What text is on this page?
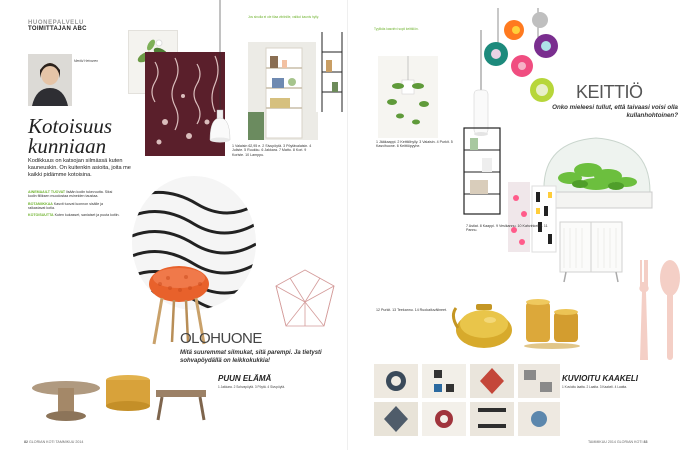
HUONEPALVELU
TOIMITTAJAN ABC
Merkki Heinonen
Kotoisuus
kunniaan
Kodikkuus on katsojan silmässä kuten kauneuskin. On kuitenkin asioita, joita me kaikki pidämme kotoisina.

AINEMAAILT TUOVAT lisään kodin tukevuutta. Siksi kodin fiiliksen muodostaa esineiden taustaa.

BOTANIIKKAA Kasvit tuovat luonnon sisälle ja raikastavat kotia.

KOTOISUUTTA Kuten kukasset, saniaiset ja puuta kotiin.

Jos sinulla ei ole tilaa vitriinille, valikoi kaunis hylly.
1 Valaisin 62,95 e. 2 Sivupöytä. 3 Pöytävalaisin. 4 Juliste. 5 Ruukku. 6 Jakkara. 7 Matto. 8 Kori. 9 Koriste. 10 Lamppu.
OLOHUONE
Mitä suuremmat silmukat, sitä parempi. Ja tietysti sohvapöydällä on leikkokukkia!
PUUN ELÄMÄ
1 Jakkara. 2 Sohvapöytä. 3 Pöytä. 4 Sivupöytä.
82 GLORIAN KOTI TAMMIKUU 2014
Tyylikäs kasvirivi sopii keittiöön.
KEITTIÖ
Onko mieleesi tullut, että taivaasi voisi olla kullanhohtoinen?
1 Jääkaappi. 2 Keittiöhylly. 3 Valaisin. 4 Purkit. 5 Kasvihuone. 6 Keittiöpyyhe.
7 Astiat. 8 Kaappi. 9 Vesikannu. 10 Kahvinkeitin. 11 Pannu.
12 Purkit. 13 Teekannu. 14 Ruokailuvälineet.
KUVIOITU KAAKELI
1 Kuvioitu laatta. 2 Laatta. 3 Kaakeli. 4 Laatta.
TAMMIKUU 2014 GLORIAN KOTI 83
